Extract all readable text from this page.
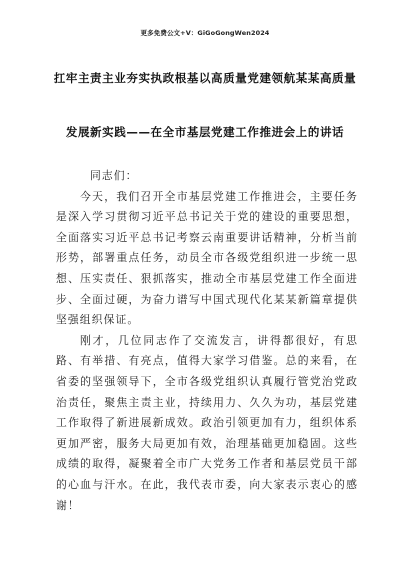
更多免费公文+V：GiGoGongWen2024
扛牢主责主业夯实执政根基以高质量党建领航某某高质量
发展新实践——在全市基层党建工作推进会上的讲话

同志们：

今天，我们召开全市基层党建工作推进会，主要任务是深入学习贯彻习近平总书记关于党的建设的重要思想，全面落实习近平总书记考察云南重要讲话精神，分析当前形势，部署重点任务，动员全市各级党组织进一步统一思想、压实责任、狠抓落实，推动全市基层党建工作全面进步、全面过硬，为奋力谱写中国式现代化某某新篇章提供坚强组织保证。

刚才，几位同志作了交流发言，讲得都很好，有思路、有举措、有亮点，值得大家学习借鉴。总的来看，在省委的坚强领导下，全市各级党组织认真履行管党治党政治责任，聚焦主责主业，持续用力、久久为功，基层党建工作取得了新进展新成效。政治引领更加有力，组织体系更加严密，服务大局更加有效，治理基础更加稳固。这些成绩的取得，凝聚着全市广大党务工作者和基层党员干部的心血与汗水。在此，我代表市委，向大家表示衷心的感谢！
